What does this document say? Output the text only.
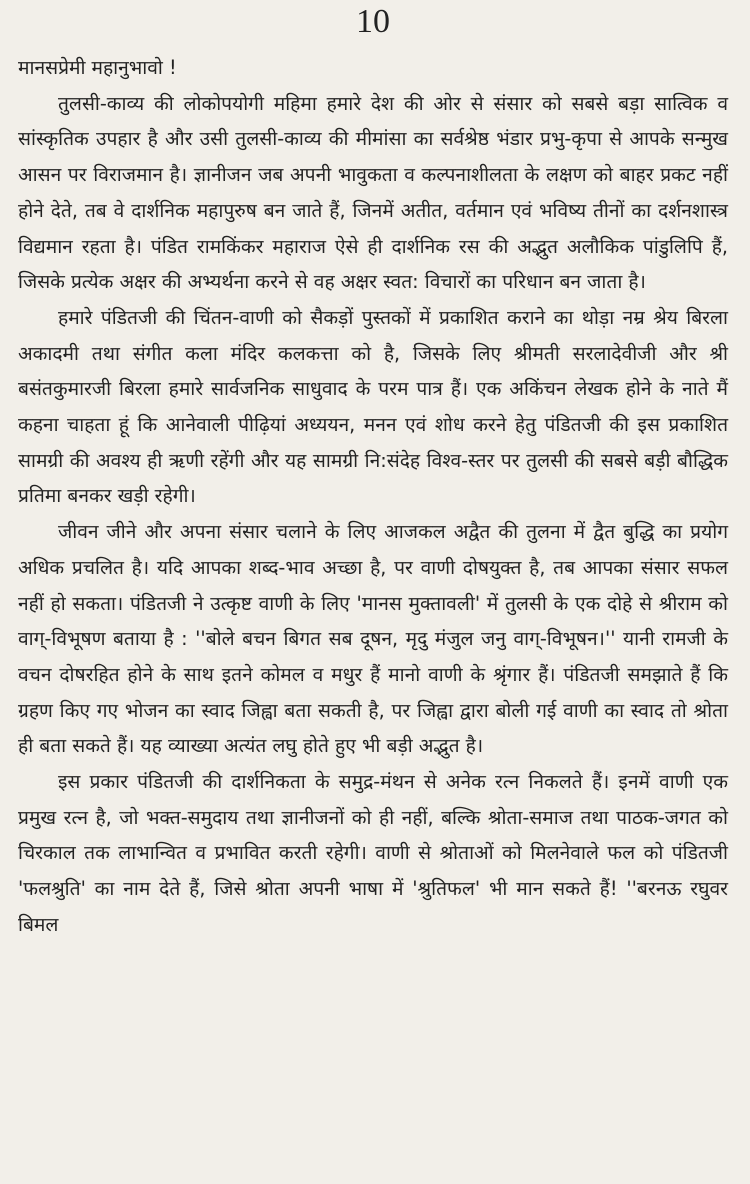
10

मानसप्रेमी महानुभावो !

तुलसी-काव्य की लोकोपयोगी महिमा हमारे देश की ओर से संसार को सबसे बड़ा सात्विक व सांस्कृतिक उपहार है और उसी तुलसी-काव्य की मीमांसा का सर्वश्रेष्ठ भंडार प्रभु-कृपा से आपके सन्मुख आसन पर विराजमान है। ज्ञानीजन जब अपनी भावुकता व कल्पनाशीलता के लक्षण को बाहर प्रकट नहीं होने देते, तब वे दार्शनिक महापुरुष बन जाते हैं, जिनमें अतीत, वर्तमान एवं भविष्य तीनों का दर्शनशास्त्र विद्यमान रहता है। पंडित रामकिंकर महाराज ऐसे ही दार्शनिक रस की अद्भुत अलौकिक पांडुलिपि हैं, जिसके प्रत्येक अक्षर की अभ्यर्थना करने से वह अक्षर स्वत: विचारों का परिधान बन जाता है।

हमारे पंडितजी की चिंतन-वाणी को सैकड़ों पुस्तकों में प्रकाशित कराने का थोड़ा नम्र श्रेय बिरला अकादमी तथा संगीत कला मंदिर कलकत्ता को है, जिसके लिए श्रीमती सरलादेवीजी और श्री बसंतकुमारजी बिरला हमारे सार्वजनिक साधुवाद के परम पात्र हैं। एक अकिंचन लेखक होने के नाते मैं कहना चाहता हूं कि आनेवाली पीढ़ियां अध्ययन, मनन एवं शोध करने हेतु पंडितजी की इस प्रकाशित सामग्री की अवश्य ही ऋणी रहेंगी और यह सामग्री नि:संदेह विश्व-स्तर पर तुलसी की सबसे बड़ी बौद्धिक प्रतिमा बनकर खड़ी रहेगी।

जीवन जीने और अपना संसार चलाने के लिए आजकल अद्वैत की तुलना में द्वैत बुद्धि का प्रयोग अधिक प्रचलित है। यदि आपका शब्द-भाव अच्छा है, पर वाणी दोषयुक्त है, तब आपका संसार सफल नहीं हो सकता। पंडितजी ने उत्कृष्ट वाणी के लिए 'मानस मुक्तावली' में तुलसी के एक दोहे से श्रीराम को वाग्-विभूषण बताया है : ''बोले बचन बिगत सब दूषन, मृदु मंजुल जनु वाग्-विभूषन।'' यानी रामजी के वचन दोषरहित होने के साथ इतने कोमल व मधुर हैं मानो वाणी के श्रृंगार हैं। पंडितजी समझाते हैं कि ग्रहण किए गए भोजन का स्वाद जिह्वा बता सकती है, पर जिह्वा द्वारा बोली गई वाणी का स्वाद तो श्रोता ही बता सकते हैं। यह व्याख्या अत्यंत लघु होते हुए भी बड़ी अद्भुत है।

इस प्रकार पंडितजी की दार्शनिकता के समुद्र-मंथन से अनेक रत्न निकलते हैं। इनमें वाणी एक प्रमुख रत्न है, जो भक्त-समुदाय तथा ज्ञानीजनों को ही नहीं, बल्कि श्रोता-समाज तथा पाठक-जगत को चिरकाल तक लाभान्वित व प्रभावित करती रहेगी। वाणी से श्रोताओं को मिलनेवाले फल को पंडितजी 'फलश्रुति' का नाम देते हैं, जिसे श्रोता अपनी भाषा में 'श्रुतिफल' भी मान सकते हैं! ''बरनऊ रघुवर बिमल
